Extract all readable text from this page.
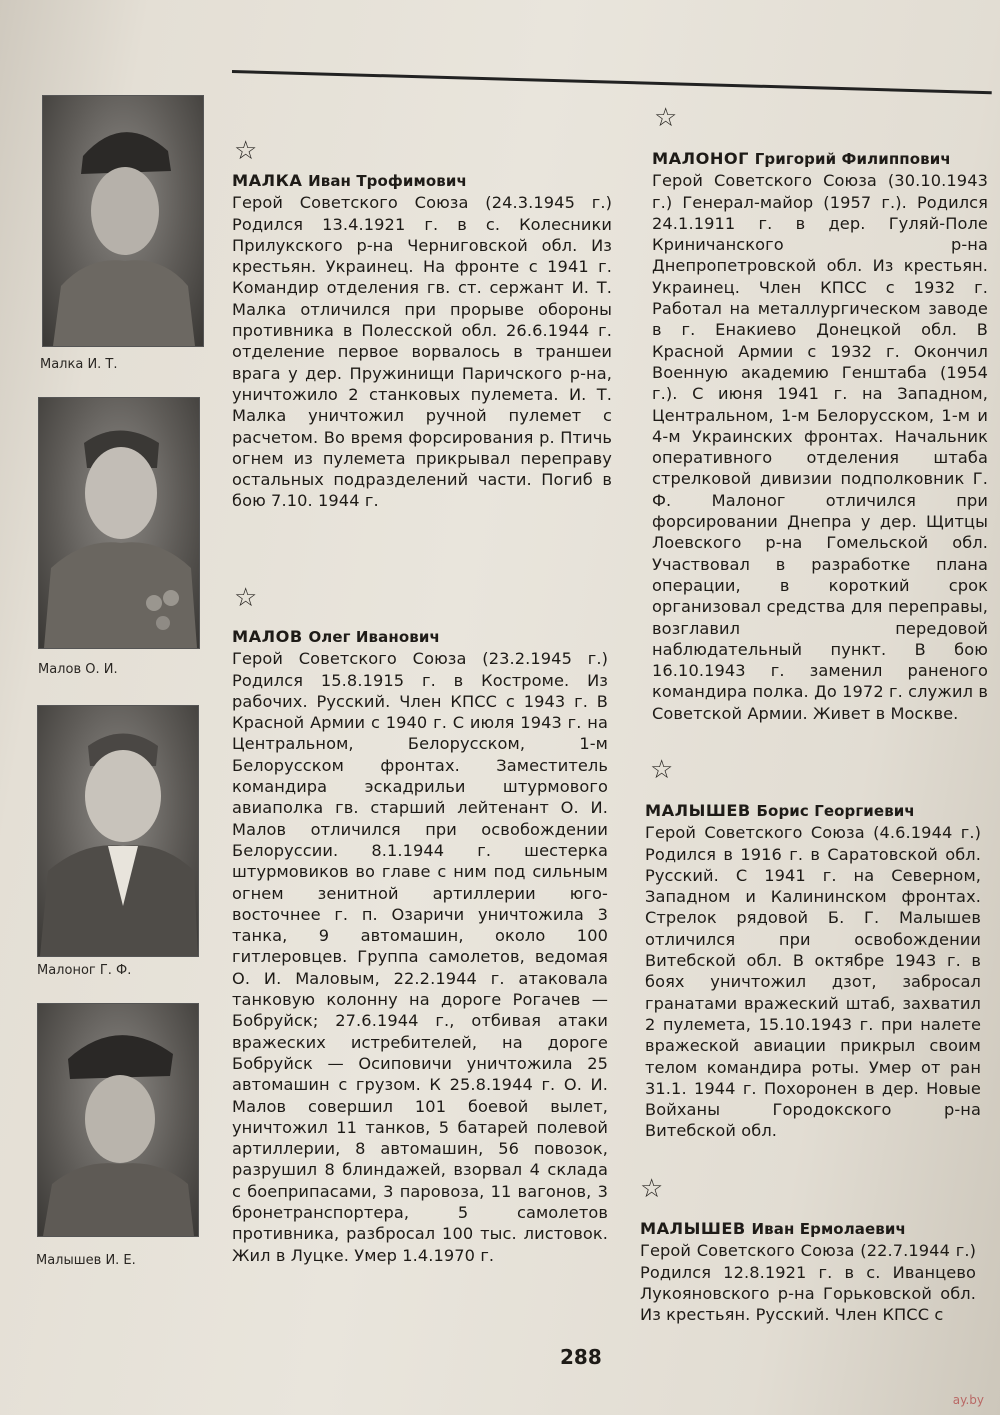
Малка И. Т.
Малов О. И.
Малоног Г. Ф.
Малышев И. Е.
☆

МАЛКА Иван Трофимович

Герой Советского Союза (24.3.1945 г.) Родился 13.4.1921 г. в с. Колесники Прилукского р-на Черниговской обл. Из крестьян. Украинец. На фронте с 1941 г. Командир отделения гв. ст. сержант И. Т. Малка отличился при прорыве обороны противника в Полесской обл. 26.6.1944 г. отделение первое ворвалось в траншеи врага у дер. Пружинищи Паричского р-на, уничтожило 2 станковых пулемета. И. Т. Малка уничтожил ручной пулемет с расчетом. Во время форсирования р. Птичь огнем из пулемета прикрывал переправу остальных подразделений части. Погиб в бою 7.10. 1944 г.

☆

МАЛОВ Олег Иванович

Герой Советского Союза (23.2.1945 г.) Родился 15.8.1915 г. в Костроме. Из рабочих. Русский. Член КПСС с 1943 г. В Красной Армии с 1940 г. С июля 1943 г. на Центральном, Белорусском, 1-м Белорусском фронтах. Заместитель командира эскадрильи штурмового авиаполка гв. старший лейтенант О. И. Малов отличился при освобождении Белоруссии. 8.1.1944 г. шестерка штурмовиков во главе с ним под сильным огнем зенитной артиллерии юго-восточнее г. п. Озаричи уничтожила 3 танка, 9 автомашин, около 100 гитлеровцев. Группа самолетов, ведомая О. И. Маловым, 22.2.1944 г. атаковала танковую колонну на дороге Рогачев — Бобруйск; 27.6.1944 г., отбивая атаки вражеских истребителей, на дороге Бобруйск — Осиповичи уничтожила 25 автомашин с грузом. К 25.8.1944 г. О. И. Малов совершил 101 боевой вылет, уничтожил 11 танков, 5 батарей полевой артиллерии, 8 автомашин, 56 повозок, разрушил 8 блиндажей, взорвал 4 склада с боеприпасами, 3 паровоза, 11 вагонов, 3 бронетранспортера, 5 самолетов противника, разбросал 100 тыс. листовок. Жил в Луцке. Умер 1.4.1970 г.

☆

МАЛОНОГ Григорий Филиппович

Герой Советского Союза (30.10.1943 г.) Генерал-майор (1957 г.). Родился 24.1.1911 г. в дер. Гуляй-Поле Криничанского р-на Днепропетровской обл. Из крестьян. Украинец. Член КПСС с 1932 г. Работал на металлургическом заводе в г. Енакиево Донецкой обл. В Красной Армии с 1932 г. Окончил Военную академию Генштаба (1954 г.). С июня 1941 г. на Западном, Центральном, 1-м Белорусском, 1-м и 4-м Украинских фронтах. Начальник оперативного отделения штаба стрелковой дивизии подполковник Г. Ф. Малоног отличился при форсировании Днепра у дер. Щитцы Лоевского р-на Гомельской обл. Участвовал в разработке плана операции, в короткий срок организовал средства для переправы, возглавил передовой наблюдательный пункт. В бою 16.10.1943 г. заменил раненого командира полка. До 1972 г. служил в Советской Армии. Живет в Москве.

☆

МАЛЫШЕВ Борис Георгиевич

Герой Советского Союза (4.6.1944 г.) Родился в 1916 г. в Саратовской обл. Русский. С 1941 г. на Северном, Западном и Калининском фронтах. Стрелок рядовой Б. Г. Малышев отличился при освобождении Витебской обл. В октябре 1943 г. в боях уничтожил дзот, забросал гранатами вражеский штаб, захватил 2 пулемета, 15.10.1943 г. при налете вражеской авиации прикрыл своим телом командира роты. Умер от ран 31.1. 1944 г. Похоронен в дер. Новые Войханы Городокского р-на Витебской обл.

☆

МАЛЫШЕВ Иван Ермолаевич

Герой Советского Союза (22.7.1944 г.) Родился 12.8.1921 г. в с. Иванцево Лукояновского р-на Горьковской обл. Из крестьян. Русский. Член КПСС с

288
ay.by
